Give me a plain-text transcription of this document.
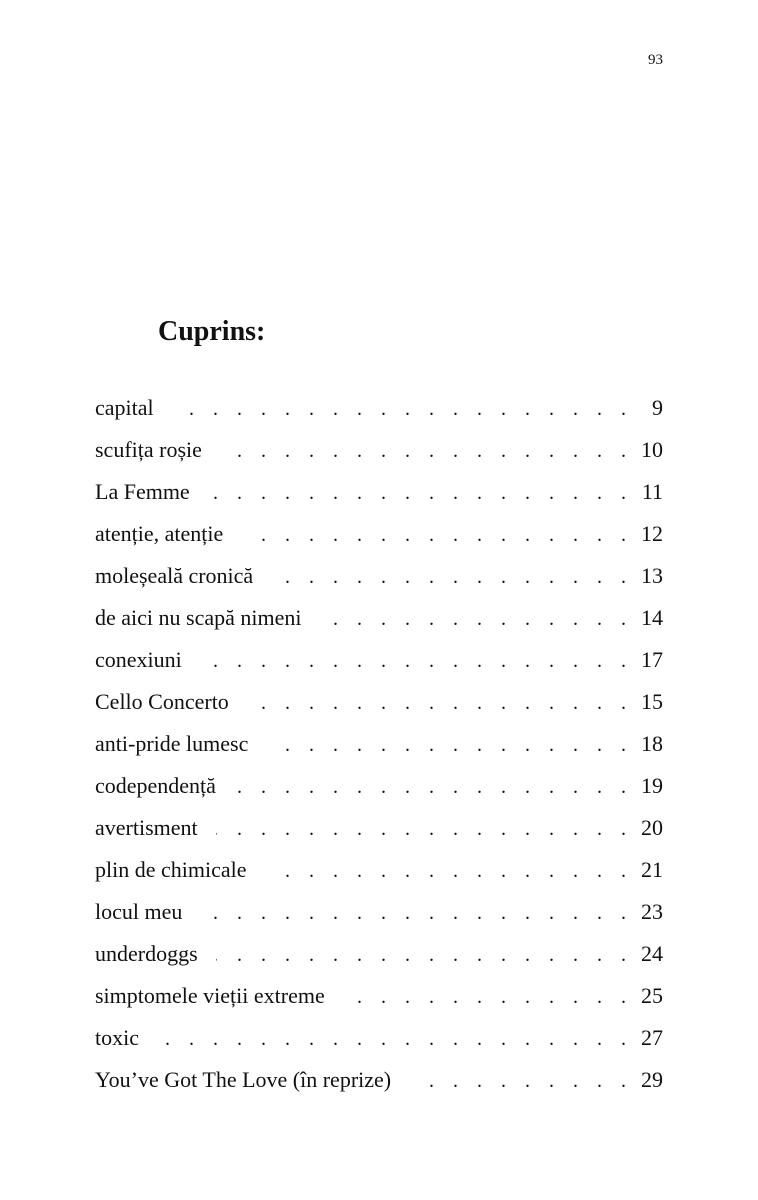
93
Cuprins:
capital . . .	9
scufița roșie . . .	10
La Femme . . .	11
atenție, atenție . . .	12
moleșeală cronică . . .	13
de aici nu scapă nimeni . . .	14
conexiuni . . .	17
Cello Concerto . . .	15
anti-pride lumesc . . .	18
codependență . . .	19
avertisment . . .	20
plin de chimicale . . .	21
locul meu . . .	23
underdoggs . . .	24
simptomele vieții extreme . . .	25
toxic . . .	27
You’ve Got The Love (în reprize) . . .	29
